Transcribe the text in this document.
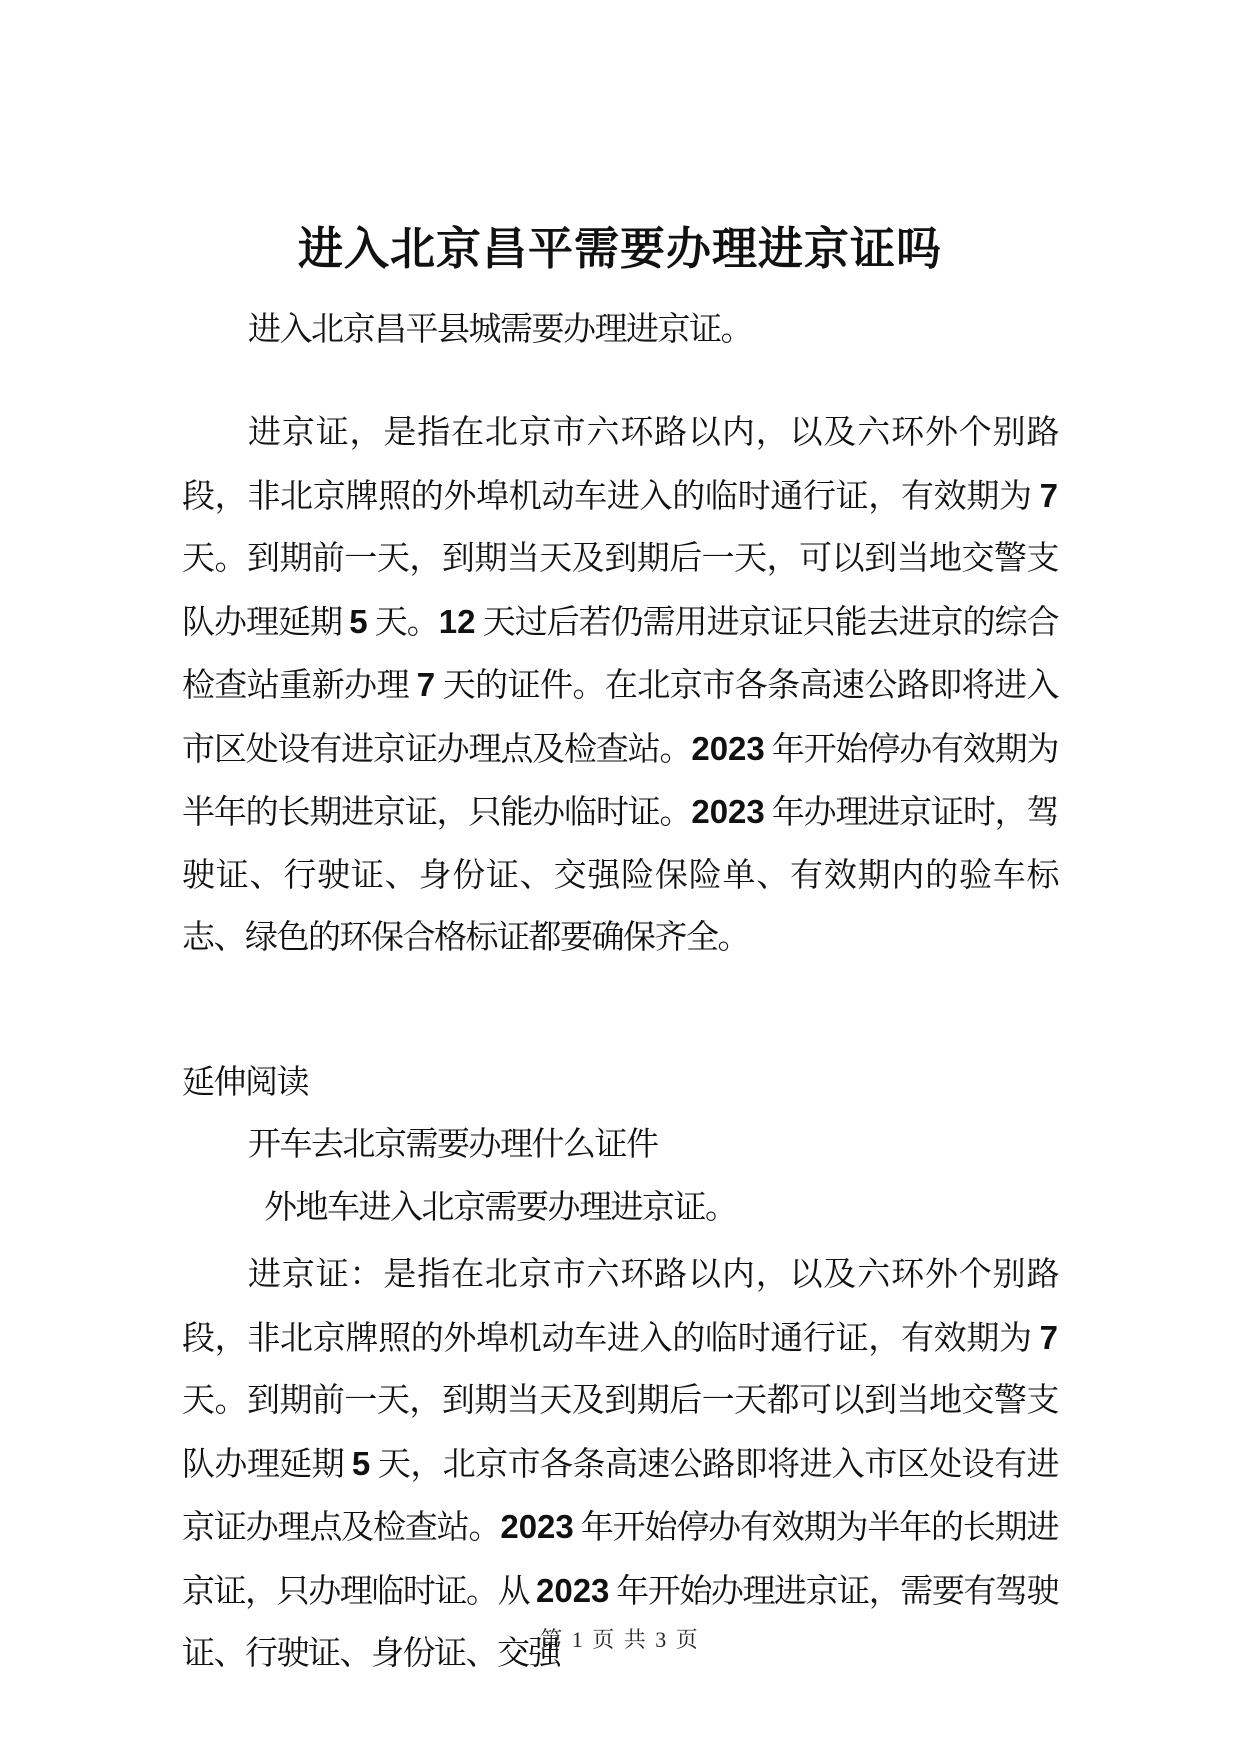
进入北京昌平需要办理进京证吗

进入北京昌平县城需要办理进京证。

进京证，是指在北京市六环路以内，以及六环外个别路段，非北京牌照的外埠机动车进入的临时通行证，有效期为 7 天。到期前一天，到期当天及到期后一天，可以到当地交警支队办理延期 5 天。12 天过后若仍需用进京证只能去进京的综合检查站重新办理 7 天的证件。在北京市各条高速公路即将进入市区处设有进京证办理点及检查站。2023 年开始停办有效期为半年的长期进京证，只能办临时证。2023 年办理进京证时，驾驶证、行驶证、身份证、交强险保险单、有效期内的验车标志、绿色的环保合格标证都要确保齐全。

延伸阅读

开车去北京需要办理什么证件

外地车进入北京需要办理进京证。

进京证：是指在北京市六环路以内，以及六环外个别路段，非北京牌照的外埠机动车进入的临时通行证，有效期为 7 天。到期前一天，到期当天及到期后一天都可以到当地交警支队办理延期 5 天，北京市各条高速公路即将进入市区处设有进京证办理点及检查站。2023 年开始停办有效期为半年的长期进京证，只办理临时证。从 2023 年开始办理进京证，需要有驾驶证、行驶证、身份证、交强

第 1 页 共 3 页
